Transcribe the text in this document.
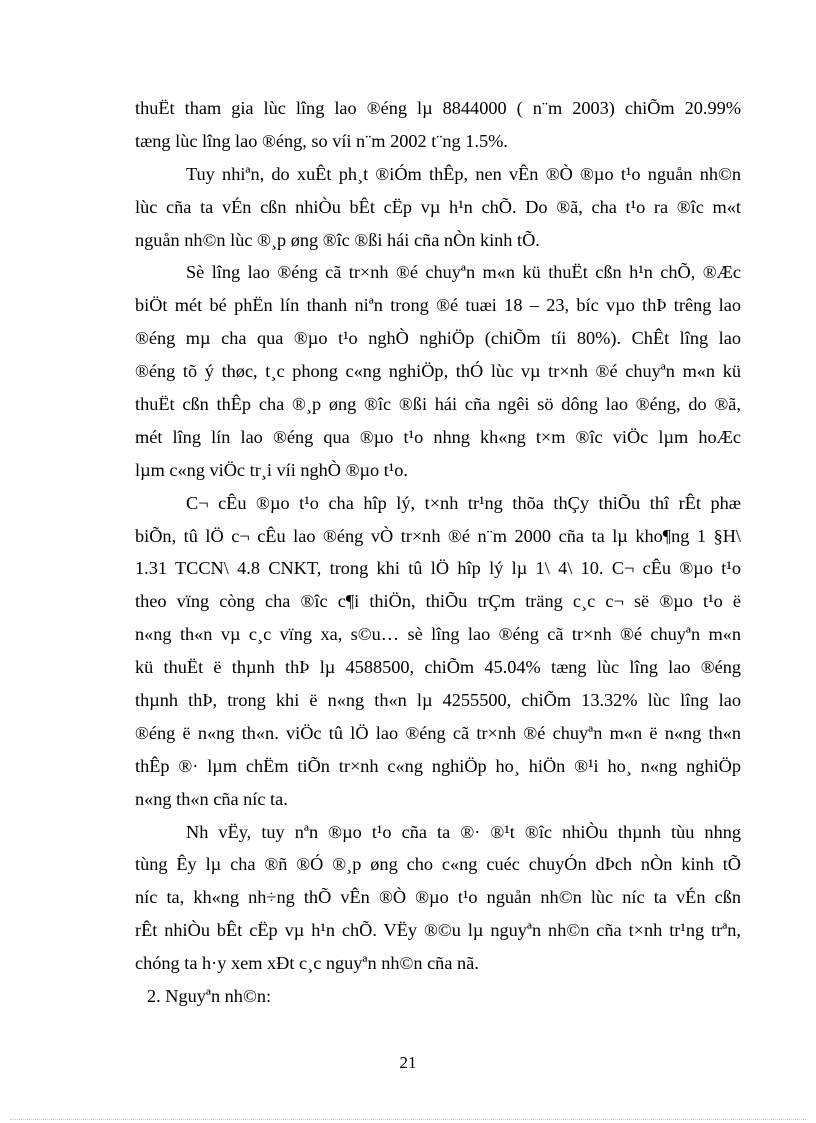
thuËt tham gia lùc lîng lao ®éng lµ 8844000 ( n¨m 2003) chiÕm 20.99%
tæng lùc lîng lao ®éng, so víi n¨m 2002 t¨ng 1.5%.
Tuy nhiªn, do xuÊt ph¸t ®iÓm thÊp, nen vÊn ®Ò ®µo t¹o nguån nh©n
lùc cña ta vÉn cßn nhiÒu bÊt cËp vµ h¹n chÕ. Do ®ã, cha t¹o ra ®îc m«t
nguån nh©n lùc ®¸p øng ®îc ®ßi hái cña nÒn kinh tÕ.
Sè lîng lao ®éng cã tr×nh ®é chuyªn m«n kü thuËt cßn h¹n chÕ, ®Æc
biÖt mét bé phËn lín thanh niªn trong ®é tuæi 18 – 23, bíc vµo thÞ trêng lao
®éng mµ cha qua ®µo t¹o nghÒ nghiÖp (chiÕm tíi 80%). ChÊt lîng lao
®éng tõ ý thøc, t¸c phong c«ng nghiÖp, thÓ lùc vµ tr×nh ®é chuyªn m«n kü
thuËt cßn thÊp cha ®¸p øng ®îc ®ßi hái cña ngêi sö dông lao ®éng, do ®ã,
mét lîng lín lao ®éng qua ®µo t¹o nhng kh«ng t×m ®îc viÖc lµm hoÆc
lµm c«ng viÖc tr¸i víi nghÒ ®µo t¹o.
C¬ cÊu ®µo t¹o cha hîp lý, t×nh tr¹ng thõa thÇy thiÕu thî rÊt phæ
biÕn, tû lÖ c¬ cÊu lao ®éng vÒ tr×nh ®é n¨m 2000 cña ta lµ kho¶ng 1 §H\
1.31 TCCN\ 4.8 CNKT, trong khi tû lÖ hîp lý lµ 1\ 4\ 10. C¬ cÊu ®µo t¹o
theo vïng còng cha ®îc c¶i thiÖn, thiÕu trÇm träng c¸c c¬ së ®µo t¹o ë
n«ng th«n vµ c¸c vïng xa, s©u… sè lîng lao ®éng cã tr×nh ®é chuyªn m«n
kü thuËt ë thµnh thÞ lµ 4588500, chiÕm 45.04% tæng lùc lîng lao ®éng
thµnh thÞ, trong khi ë n«ng th«n lµ 4255500, chiÕm 13.32% lùc lîng lao
®éng ë n«ng th«n. viÖc tû lÖ lao ®éng cã tr×nh ®é chuyªn m«n ë n«ng th«n
thÊp ®· lµm chËm tiÕn tr×nh c«ng nghiÖp ho¸ hiÖn ®¹i ho¸ n«ng nghiÖp
n«ng th«n cña níc ta.
Nh vËy, tuy nªn ®µo t¹o cña ta ®· ®¹t ®îc nhiÒu thµnh tùu nhng
tùng Êy lµ cha ®ñ ®Ó ®¸p øng cho c«ng cuéc chuyÓn dÞch nÒn kinh tÕ
níc ta, kh«ng nh÷ng thÕ vÊn ®Ò ®µo t¹o nguån nh©n lùc níc ta vÉn cßn
rÊt nhiÒu bÊt cËp vµ h¹n chÕ. VËy ®©u lµ nguyªn nh©n cña t×nh tr¹ng trªn,
chóng ta h·y xem xÐt c¸c nguyªn nh©n cña nã.
2. Nguyªn nh©n:
21
